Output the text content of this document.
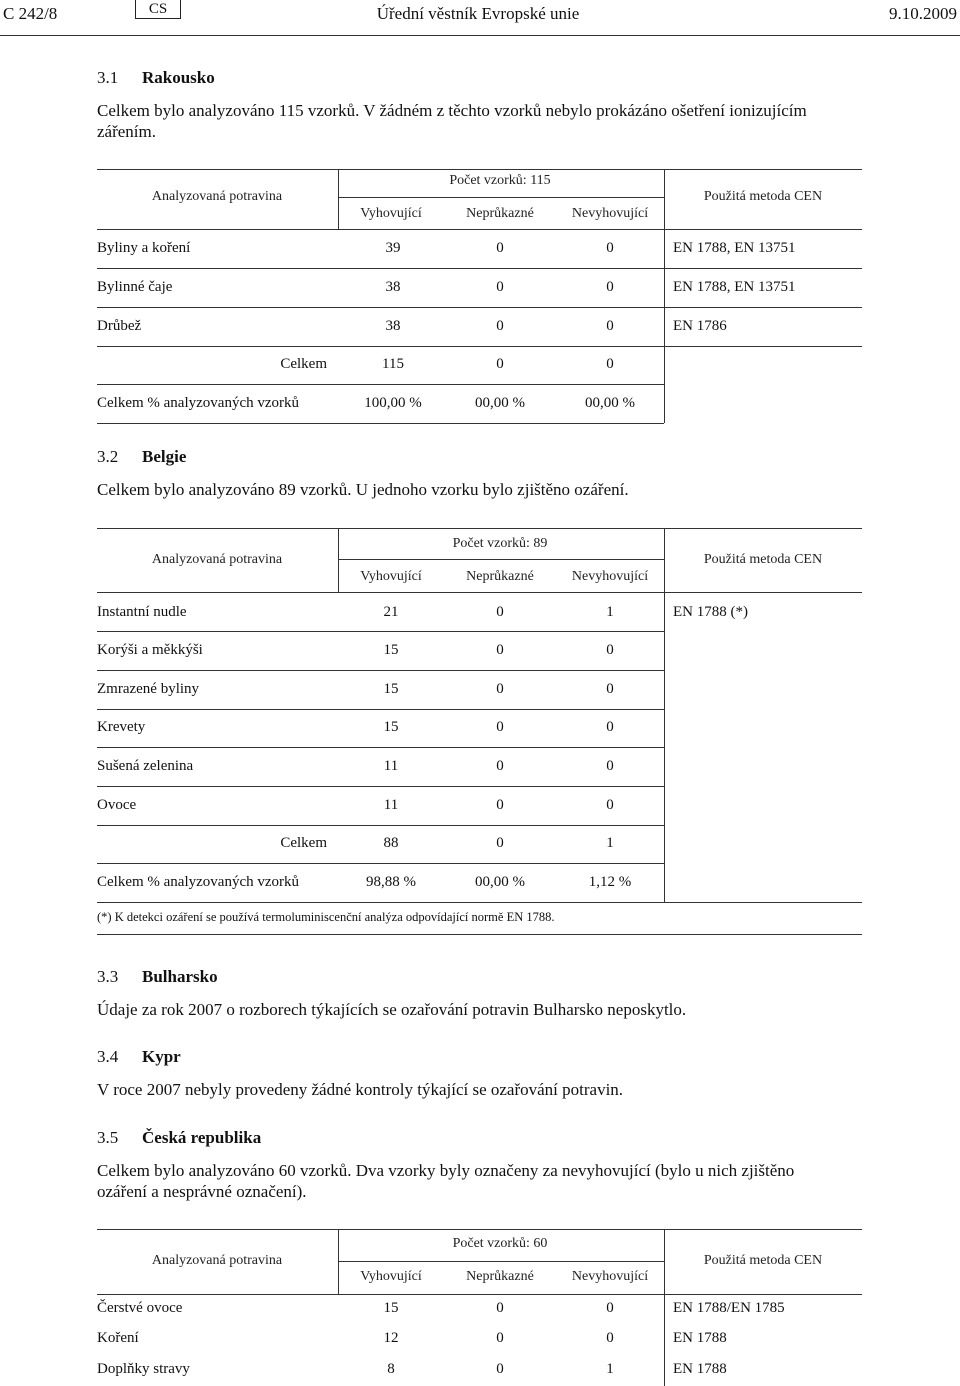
C 242/8	CS	Úřední věstník Evropské unie	9.10.2009
3.1 Rakousko
Celkem bylo analyzováno 115 vzorků. V žádném z těchto vzorků nebylo prokázáno ošetření ionizujícím
zářením.
Analyzovaná potravina
Počet vzorků: 115
Vyhovující	Neprůkazné	Nevyhovující
Použitá metoda CEN
Byliny a koření	39	0	0	EN 1788, EN 13751
Bylinné čaje	38	0	0	EN 1788, EN 13751
Drůbež	38	0	0	EN 1786
Celkem	115	0	0
Celkem % analyzovaných vzorků	100,00 %	00,00 %	00,00 %
3.2 Belgie
Celkem bylo analyzováno 89 vzorků. U jednoho vzorku bylo zjištěno ozáření.
Analyzovaná potravina
Počet vzorků: 89
Vyhovující	Neprůkazné	Nevyhovující
Použitá metoda CEN
Instantní nudle	21	0	1	EN 1788 (*)
Korýši a měkkýši	15	0	0
Zmrazené byliny	15	0	0
Krevety	15	0	0
Sušená zelenina	11	0	0
Ovoce	11	0	0
Celkem	88	0	1
Celkem % analyzovaných vzorků	98,88 %	00,00 %	1,12 %
(*) K detekci ozáření se používá termoluminiscenční analýza odpovídající normě EN 1788.
3.3 Bulharsko
Údaje za rok 2007 o rozborech týkajících se ozařování potravin Bulharsko neposkytlo.
3.4 Kypr
V roce 2007 nebyly provedeny žádné kontroly týkající se ozařování potravin.
3.5 Česká republika
Celkem bylo analyzováno 60 vzorků. Dva vzorky byly označeny za nevyhovující (bylo u nich zjištěno
ozáření a nesprávné označení).
Analyzovaná potravina
Počet vzorků: 60
Vyhovující	Neprůkazné	Nevyhovující
Použitá metoda CEN
Čerstvé ovoce	15	0	0	EN 1788/EN 1785
Koření	12	0	0	EN 1788
Doplňky stravy	8	0	1	EN 1788
